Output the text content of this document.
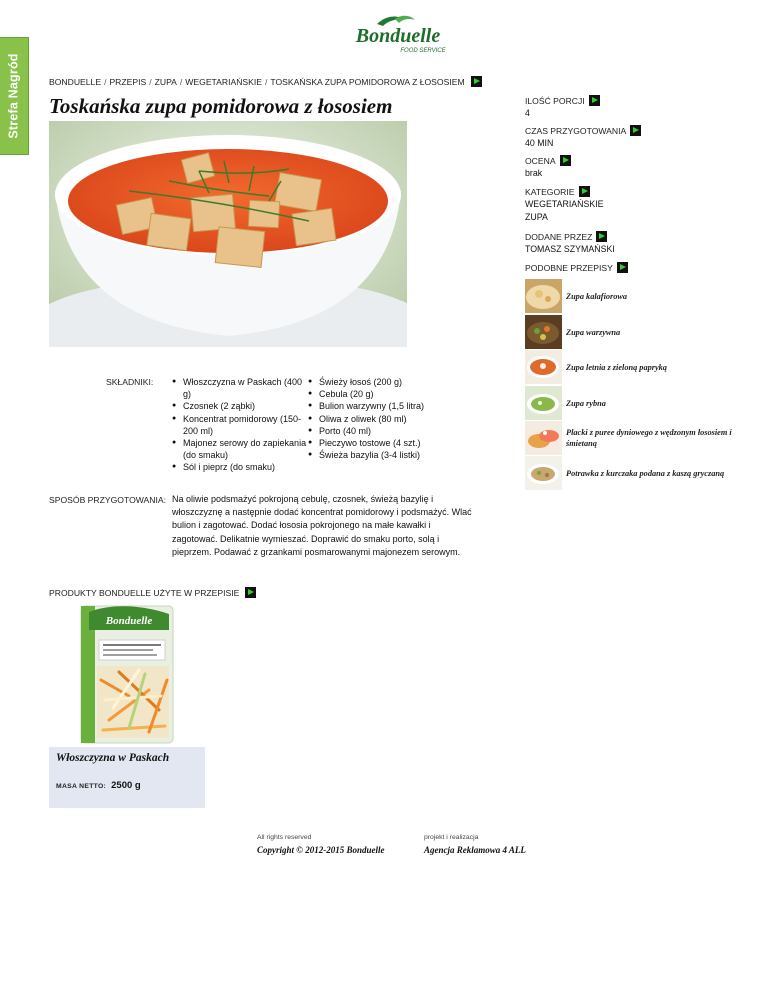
Strefa Nagród
Bonduelle
FOOD SERVICE
BONDUELLE / PRZEPIS / ZUPA / WEGETARIAŃSKIE / TOSKAŃSKA ZUPA POMIDOROWA Z ŁOSOSIEM
Toskańska zupa pomidorowa z łososiem	ILOŚĆ PORCJI
4
CZAS PRZYGOTOWANIA
40 MIN
OCENA
brak
KATEGORIE
WEGETARIAŃSKIE
ZUPA
DODANE PRZEZ
TOMASZ SZYMAŃSKI
PODOBNE PRZEPISY
Zupa kalafiorowa
Zupa warzywna
Zupa letnia z zieloną papryką
Zupa rybna
Placki z puree dyniowego z wędzonym łososiem i śmietaną
Potrawka z kurczaka podana z kaszą gryczaną
SKŁADNIKI:
●	Włoszczyzna w Paskach (400 g)
● Czosnek (2 ząbki)
● Koncentrat pomidorowy (150-200 ml)
● Majonez serowy do zapiekania (do smaku)
● Sól i pieprz (do smaku)
● Świeży łosoś (200 g)
● Cebula (20 g)
● Bulion warzywny (1,5 litra)
● Oliwa z oliwek (80 ml)
● Porto (40 ml)
● Pieczywo tostowe (4 szt.)
● Świeża bazylia (3-4 listki)
SPOSÓB PRZYGOTOWANIA: Na oliwie podsmażyć pokrojoną cebulę, czosnek, świeżą bazylię i włoszczyznę a następnie dodać koncentrat pomidorowy i podsmażyć. Wlać bulion i zagotować. Dodać łososia pokrojonego na małe kawałki i zagotować. Delikatnie wymieszać. Doprawić do smaku porto, solą i pieprzem. Podawać z grzankami posmarowanymi majonezem serowym.

PRODUKTY BONDUELLE UŻYTE W PRZEPISIE
Bonduelle
Włoszczyzna w Paskach
MASA NETTO: 2500 g
All rights reserved
Copyright © 2012-2015 Bonduelle
projekt i realizacja
Agencja Reklamowa 4 ALL
